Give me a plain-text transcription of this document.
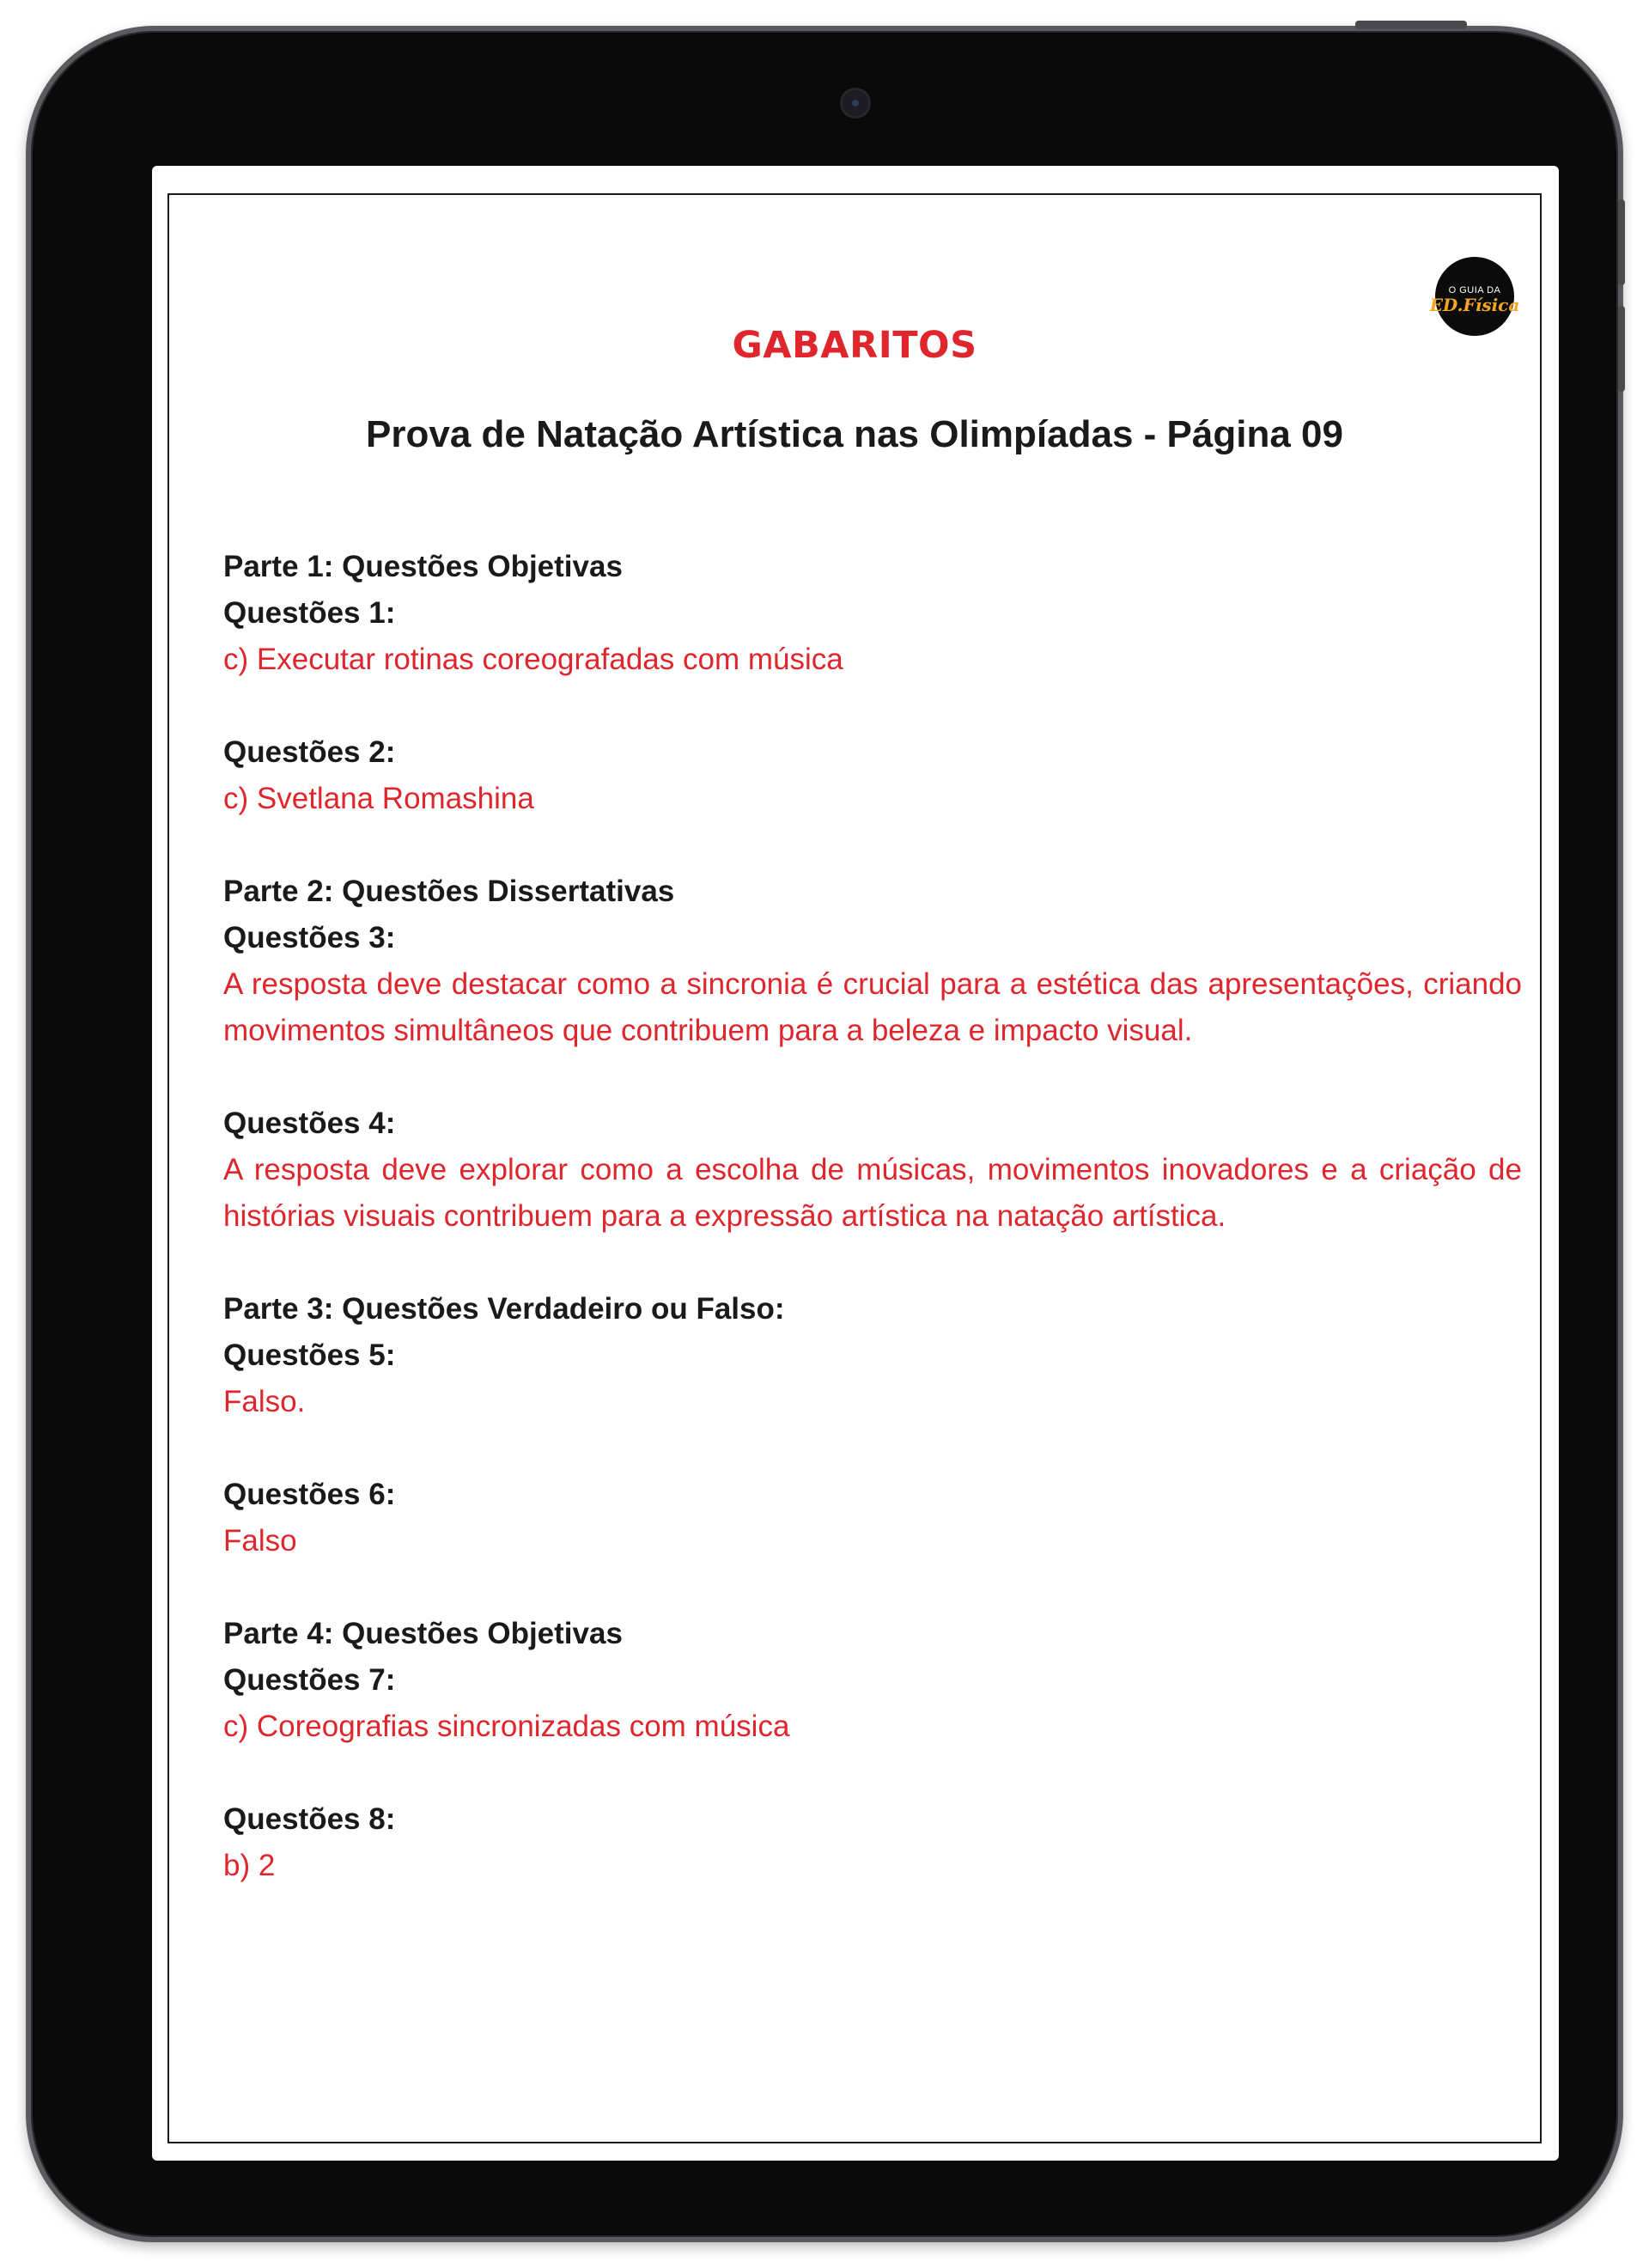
O GUIA DA
ED.Física
GABARITOS
Prova de Natação Artística nas Olimpíadas - Página 09

Parte 1: Questões Objetivas

Questões 1:

c) Executar rotinas coreografadas com música

Questões 2:

c) Svetlana Romashina

Parte 2: Questões Dissertativas

Questões 3:

A resposta deve destacar como a sincronia é crucial para a estética das apresentações, criando movimentos simultâneos que contribuem para a beleza e impacto visual.

Questões 4:

A resposta deve explorar como a escolha de músicas, movimentos inovadores e a criação de histórias visuais contribuem para a expressão artística na natação artística.

Parte 3: Questões Verdadeiro ou Falso:

Questões 5:

Falso.

Questões 6:

Falso

Parte 4: Questões Objetivas

Questões 7:

c) Coreografias sincronizadas com música

Questões 8:

b) 2
